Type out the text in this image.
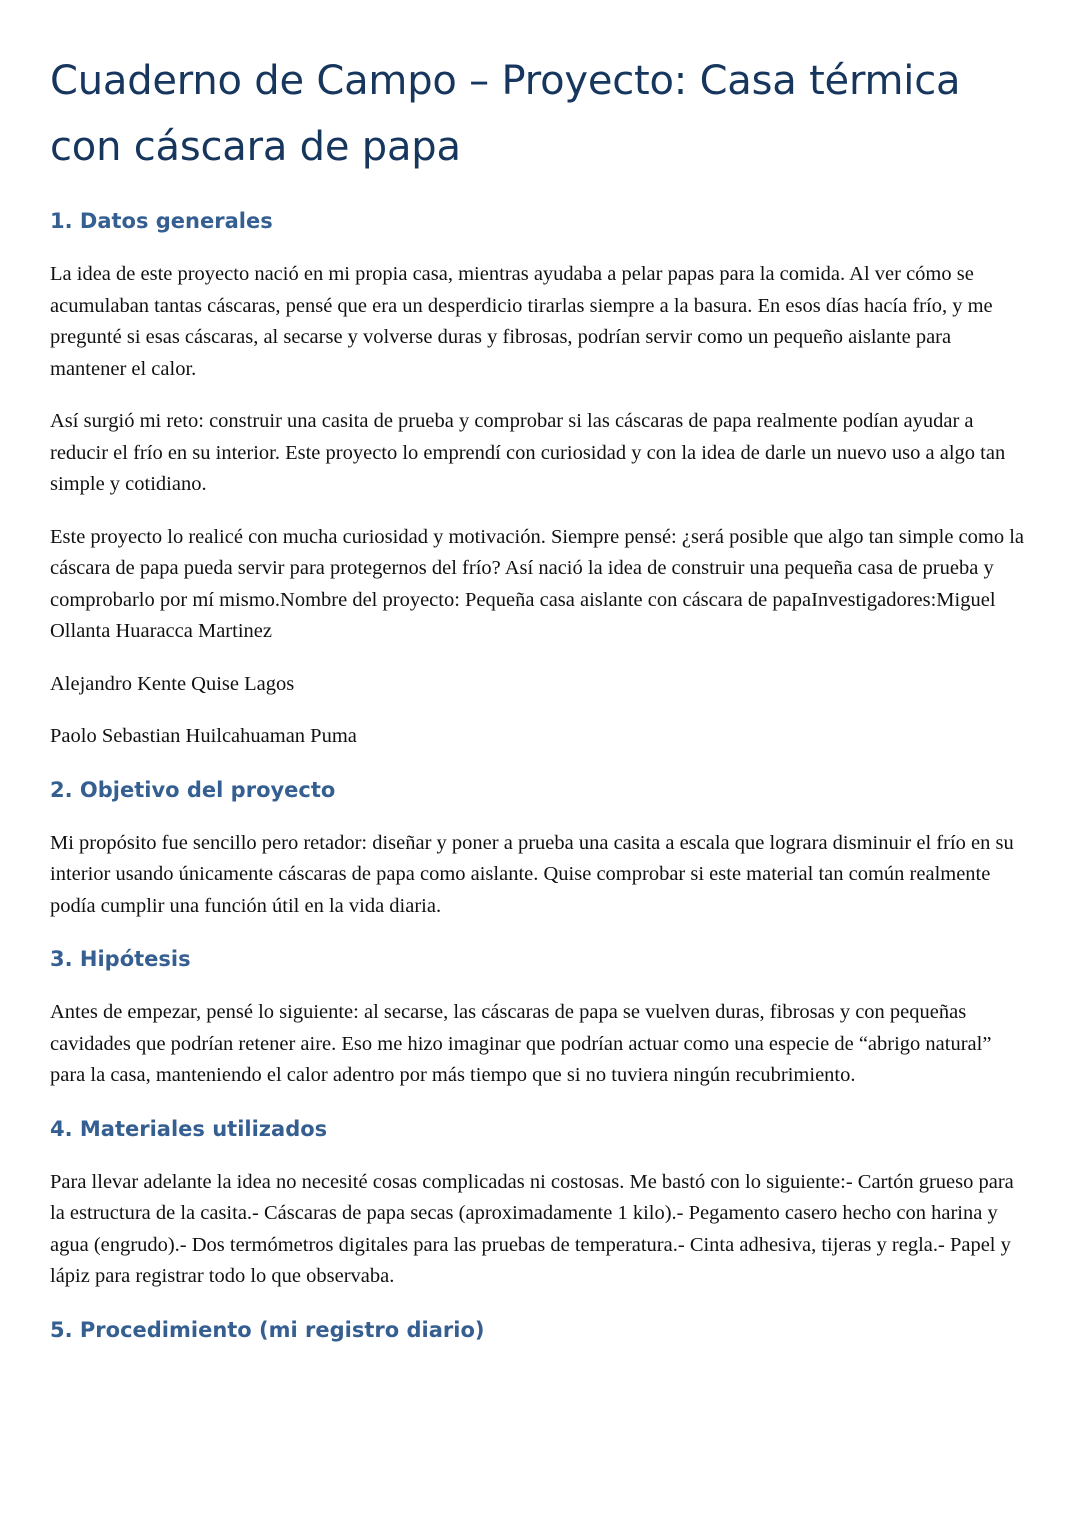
Cuaderno de Campo – Proyecto: Casa térmica con cáscara de papa
1. Datos generales

La idea de este proyecto nació en mi propia casa, mientras ayudaba a pelar papas para la comida. Al ver cómo se acumulaban tantas cáscaras, pensé que era un desperdicio tirarlas siempre a la basura. En esos días hacía frío, y me pregunté si esas cáscaras, al secarse y volverse duras y fibrosas, podrían servir como un pequeño aislante para mantener el calor.

Así surgió mi reto: construir una casita de prueba y comprobar si las cáscaras de papa realmente podían ayudar a reducir el frío en su interior. Este proyecto lo emprendí con curiosidad y con la idea de darle un nuevo uso a algo tan simple y cotidiano.

Este proyecto lo realicé con mucha curiosidad y motivación. Siempre pensé: ¿será posible que algo tan simple como la cáscara de papa pueda servir para protegernos del frío? Así nació la idea de construir una pequeña casa de prueba y comprobarlo por mí mismo.Nombre del proyecto: Pequeña casa aislante con cáscara de papaInvestigadores:Miguel Ollanta Huaracca Martinez

Alejandro Kente Quise Lagos

Paolo Sebastian Huilcahuaman Puma

2. Objetivo del proyecto

Mi propósito fue sencillo pero retador: diseñar y poner a prueba una casita a escala que lograra disminuir el frío en su interior usando únicamente cáscaras de papa como aislante. Quise comprobar si este material tan común realmente podía cumplir una función útil en la vida diaria.

3. Hipótesis

Antes de empezar, pensé lo siguiente: al secarse, las cáscaras de papa se vuelven duras, fibrosas y con pequeñas cavidades que podrían retener aire. Eso me hizo imaginar que podrían actuar como una especie de “abrigo natural” para la casa, manteniendo el calor adentro por más tiempo que si no tuviera ningún recubrimiento.

4. Materiales utilizados

Para llevar adelante la idea no necesité cosas complicadas ni costosas. Me bastó con lo siguiente:- Cartón grueso para la estructura de la casita.- Cáscaras de papa secas (aproximadamente 1 kilo).- Pegamento casero hecho con harina y agua (engrudo).- Dos termómetros digitales para las pruebas de temperatura.- Cinta adhesiva, tijeras y regla.- Papel y lápiz para registrar todo lo que observaba.

5. Procedimiento (mi registro diario)
